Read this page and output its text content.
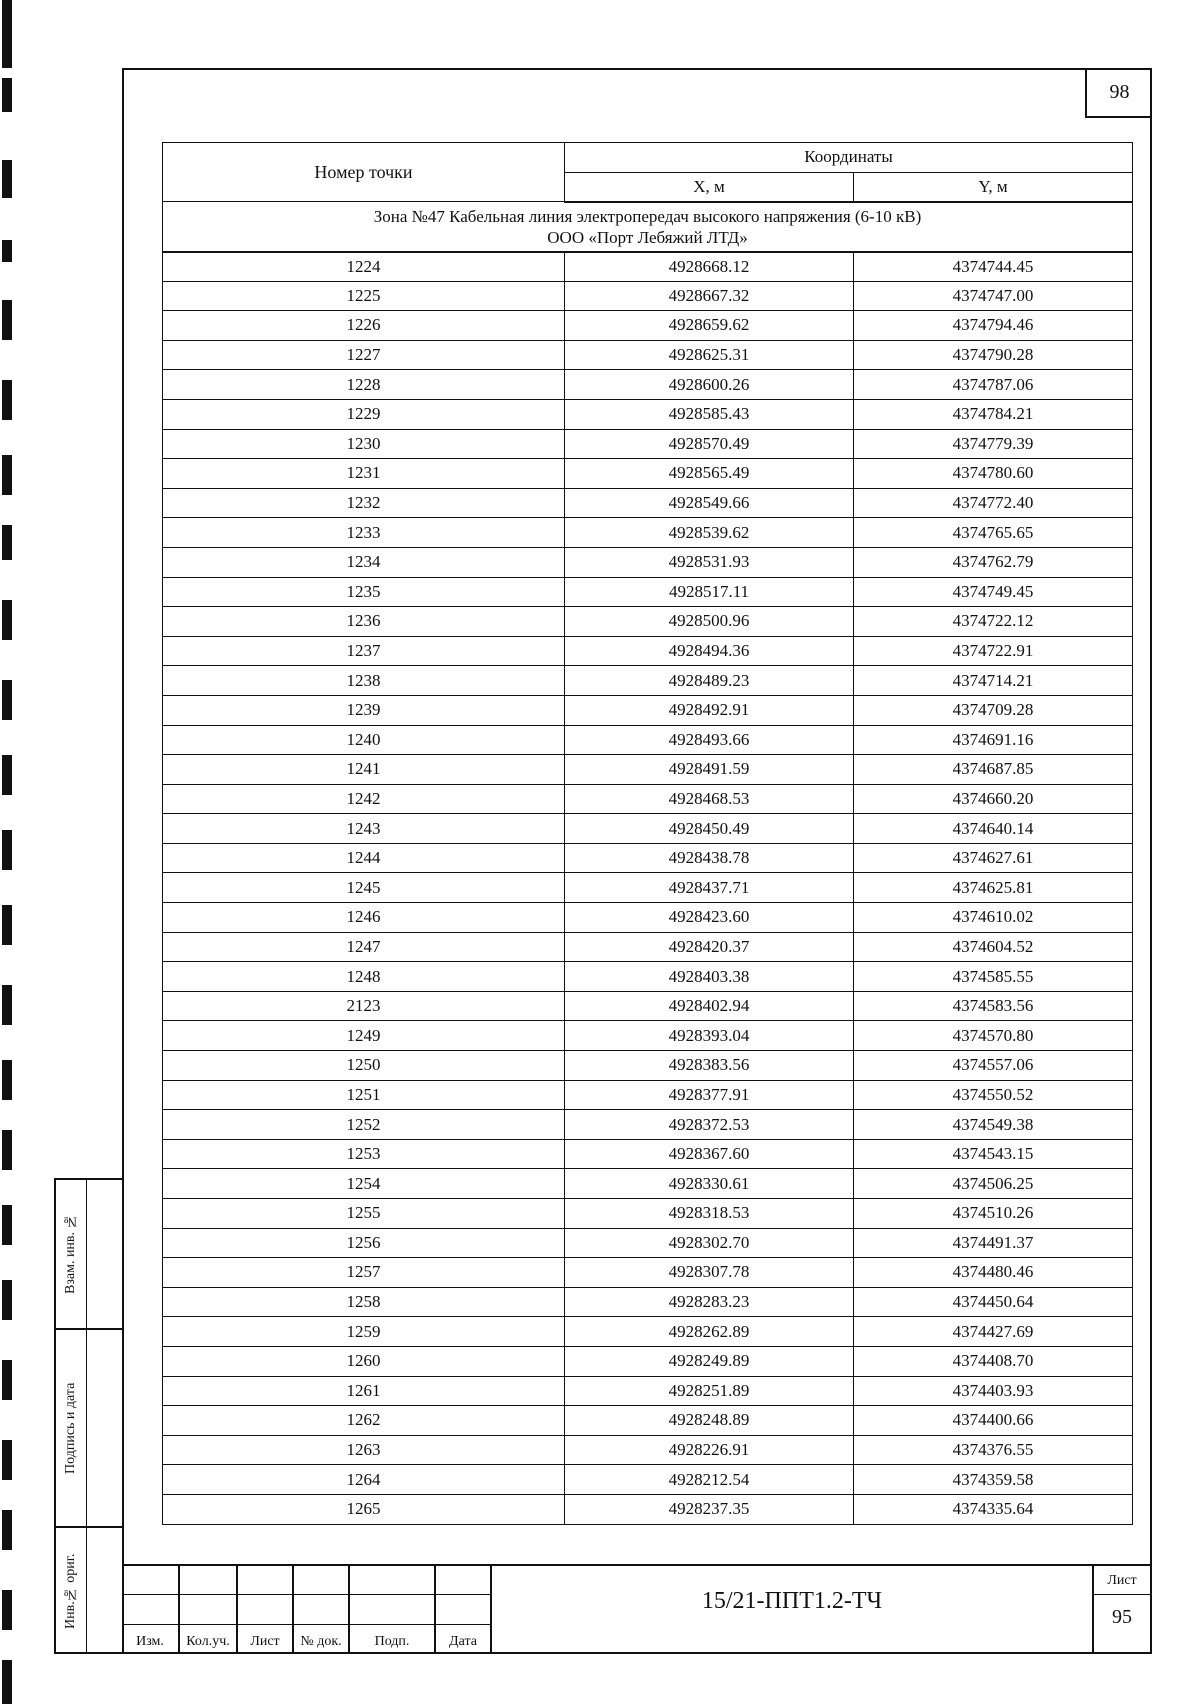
98
Номер точки	Координаты	
	X, м	Y, м

Зона №47 Кабельная линия электропередач высокого напряжения (6-10 кВ)
ООО «Порт Лебяжий ЛТД»		

1224	4928668.12	4374744.45
1225	4928667.32	4374747.00
1226	4928659.62	4374794.46
1227	4928625.31	4374790.28
1228	4928600.26	4374787.06
1229	4928585.43	4374784.21
1230	4928570.49	4374779.39
1231	4928565.49	4374780.60
1232	4928549.66	4374772.40
1233	4928539.62	4374765.65
1234	4928531.93	4374762.79
1235	4928517.11	4374749.45
1236	4928500.96	4374722.12
1237	4928494.36	4374722.91
1238	4928489.23	4374714.21
1239	4928492.91	4374709.28
1240	4928493.66	4374691.16
1241	4928491.59	4374687.85
1242	4928468.53	4374660.20
1243	4928450.49	4374640.14
1244	4928438.78	4374627.61
1245	4928437.71	4374625.81
1246	4928423.60	4374610.02
1247	4928420.37	4374604.52
1248	4928403.38	4374585.55
2123	4928402.94	4374583.56
1249	4928393.04	4374570.80
1250	4928383.56	4374557.06
1251	4928377.91	4374550.52
1252	4928372.53	4374549.38
1253	4928367.60	4374543.15
1254	4928330.61	4374506.25
1255	4928318.53	4374510.26
1256	4928302.70	4374491.37
1257	4928307.78	4374480.46
1258	4928283.23	4374450.64
1259	4928262.89	4374427.69
1260	4928249.89	4374408.70
1261	4928251.89	4374403.93
1262	4928248.89	4374400.66
1263	4928226.91	4374376.55
1264	4928212.54	4374359.58
1265	4928237.35	4374335.64
Взам. инв. №
Подпись и дата
Инв.№ ориг.
Изм.	Кол.уч.	Лист	№ док.	Подп.	Дата
15/21-ППТ1.2-ТЧ
Лист
95
